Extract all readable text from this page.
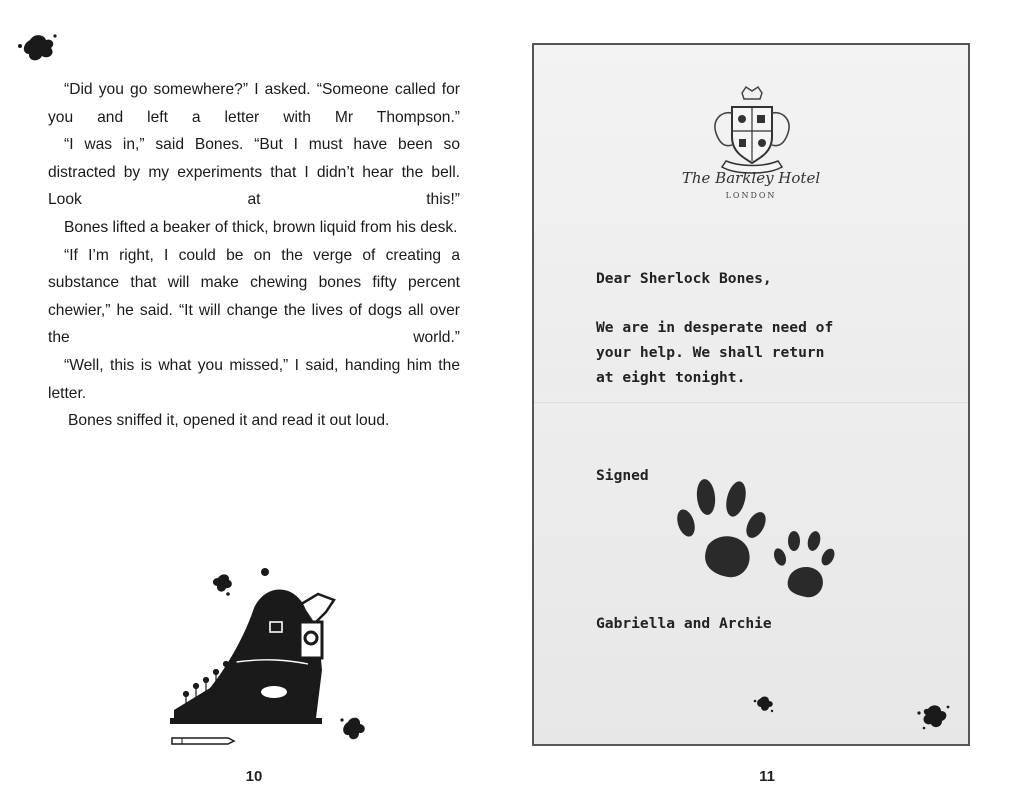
“Did you go somewhere?” I asked. “Someone called for you and left a letter with Mr Thompson.”

“I was in,” said Bones. “But I must have been so distracted by my experiments that I didn’t hear the bell. Look at this!”

Bones lifted a beaker of thick, brown liquid from his desk.

“If I’m right, I could be on the verge of creating a substance that will make chewing bones fifty percent chewier,” he said. “It will change the lives of dogs all over the world.”

“Well, this is what you missed,” I said, handing him the letter.

Bones sniffed it, opened it and read it out loud.

10
The Barkley Hotel
LONDON

Dear Sherlock Bones,

We are in desperate need of

your help. We shall return

at eight tonight.

Signed

Gabriella and Archie

11
